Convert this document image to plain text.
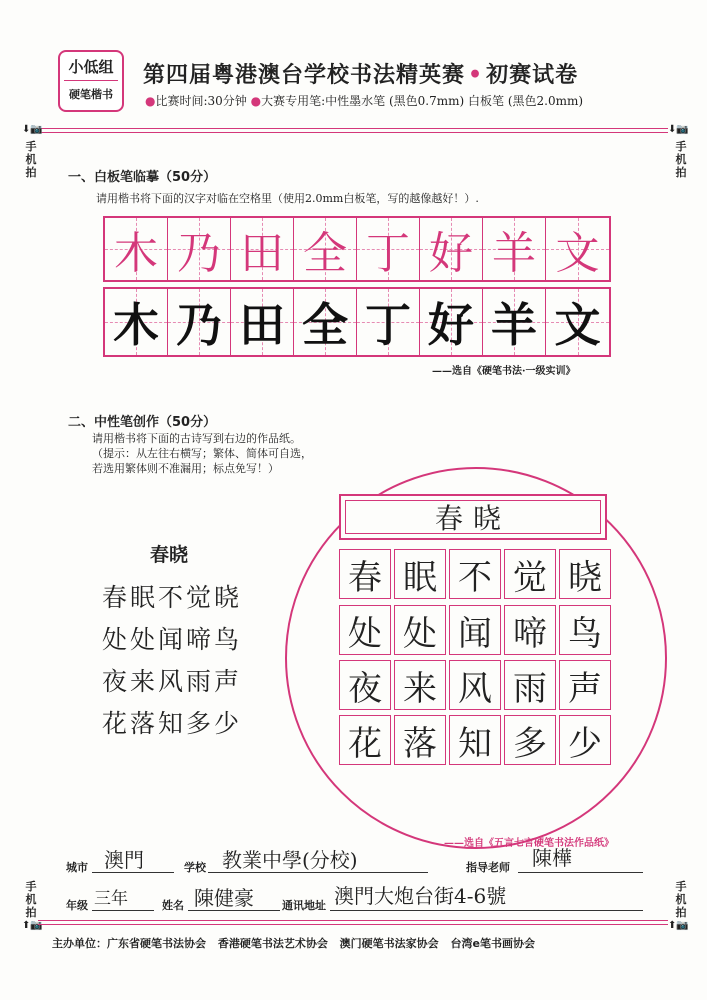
小低组
硬笔楷书
第四届粤港澳台学校书法精英赛 • 初赛试卷
●比赛时间:30分钟 ●大赛专用笔:中性墨水笔 (黑色0.7mm) 白板笔 (黑色2.0mm)
⬇📷
手
机
拍
⬇📷
手
机
拍
手
机
拍
⬆📷
手
机
拍
⬆📷
一、白板笔临摹（50分）
请用楷书将下面的汉字对临在空格里（使用2.0mm白板笔，写的越像越好！）.
木 乃 田 全 丁 好 羊 文
木 乃 田 全 丁 好 羊 文
——选自《硬笔书法·一级实训》
二、中性笔创作（50分）
请用楷书将下面的古诗写到右边的作品纸。
（提示：从左往右横写；繁体、简体可自选，
若选用繁体则不准漏用；标点免写！）
春晓
春眠不觉晓
处处闻啼鸟
夜来风雨声
花落知多少
春晓
春 眠 不 觉 晓
处 处 闻 啼 鸟
夜 来 风 雨 声
花 落 知 多 少
——选自《五言七言硬笔书法作品纸》
城市 澳門	学校 教業中學(分校)	指导老师 陳樺
年级 三年	姓名 陳健豪	通讯地址 澳門大炮台街4-6號
主办单位：广东省硬笔书法协会 香港硬笔书法艺术协会 澳门硬笔书法家协会 台湾e笔书画协会
